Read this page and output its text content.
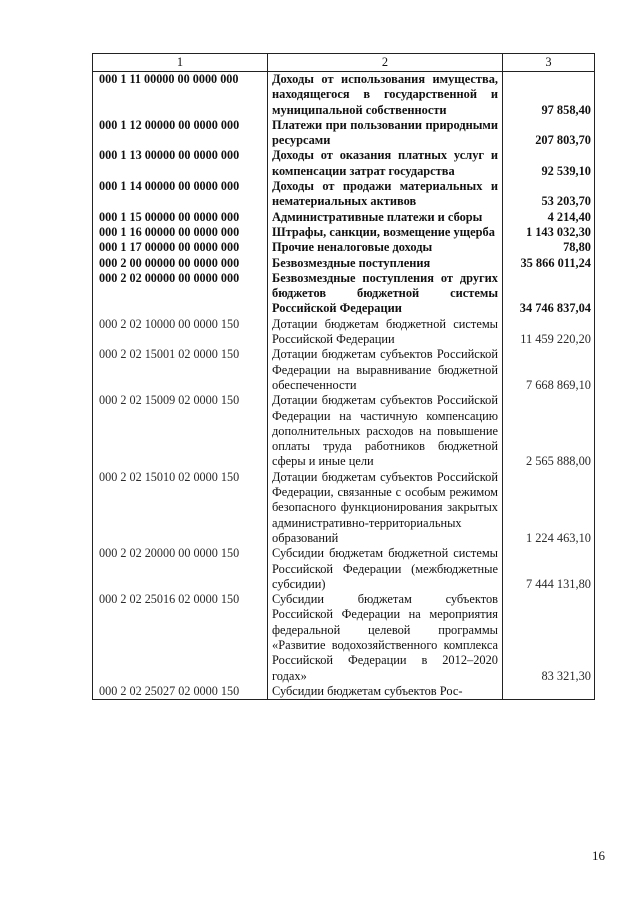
1	2	3
000 1 11 00000 00 0000 000	Доходы от использования имущества, находящегося в государственной и муниципальной собственности	97 858,40
000 1 12 00000 00 0000 000	Платежи при пользовании природными ресурсами	207 803,70
000 1 13 00000 00 0000 000	Доходы от оказания платных услуг и компенсации затрат государства	92 539,10
000 1 14 00000 00 0000 000	Доходы от продажи материальных и нематериальных активов	53 203,70
000 1 15 00000 00 0000 000	Административные платежи и сборы	4 214,40
000 1 16 00000 00 0000 000	Штрафы, санкции, возмещение ущерба	1 143 032,30
000 1 17 00000 00 0000 000	Прочие неналоговые доходы	78,80
000 2 00 00000 00 0000 000	Безвозмездные поступления	35 866 011,24
000 2 02 00000 00 0000 000	Безвозмездные поступления от других бюджетов бюджетной системы Российской Федерации	34 746 837,04
000 2 02 10000 00 0000 150	Дотации бюджетам бюджетной системы Российской Федерации	11 459 220,20
000 2 02 15001 02 0000 150	Дотации бюджетам субъектов Российской Федерации на выравнивание бюджетной обеспеченности	7 668 869,10
000 2 02 15009 02 0000 150	Дотации бюджетам субъектов Российской Федерации на частичную компенсацию дополнительных расходов на повышение оплаты труда работников бюджетной сферы и иные цели	2 565 888,00
000 2 02 15010 02 0000 150	Дотации бюджетам субъектов Российской Федерации, связанные с особым режимом безопасного функционирования закрытых административно-территориальных образований	1 224 463,10
000 2 02 20000 00 0000 150	Субсидии бюджетам бюджетной системы Российской Федерации (межбюджетные субсидии)	7 444 131,80
000 2 02 25016 02 0000 150	Субсидии бюджетам субъектов Российской Федерации на мероприятия федеральной целевой программы «Развитие водохозяйственного комплекса Российской Федерации в 2012–2020 годах»	83 321,30
000 2 02 25027 02 0000 150	Субсидии бюджетам субъектов Рос-	
16
